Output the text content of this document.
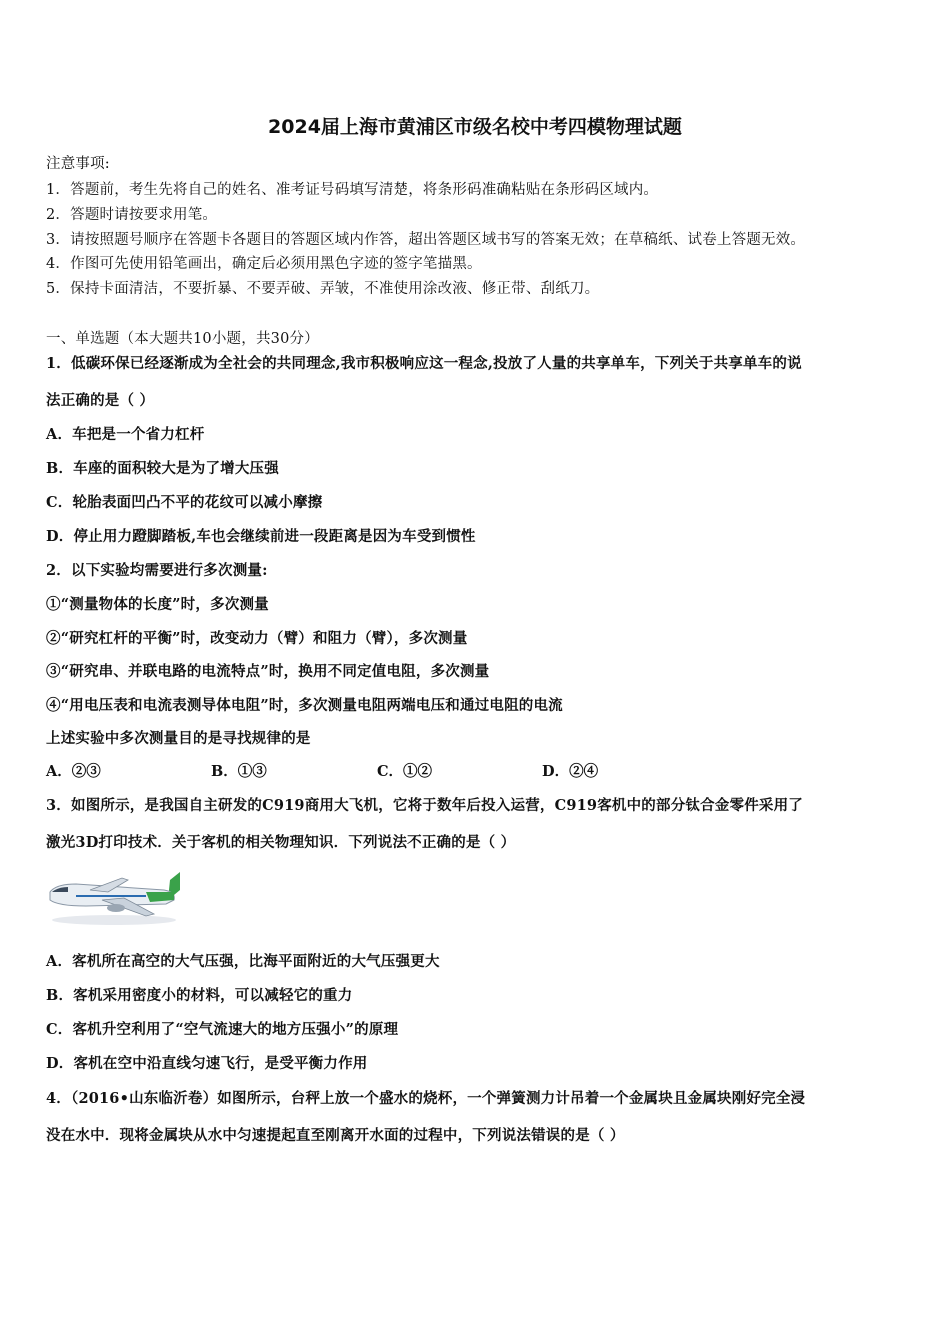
2024届上海市黄浦区市级名校中考四模物理试题
注意事项:
1．答题前，考生先将自己的姓名、准考证号码填写清楚，将条形码准确粘贴在条形码区域内。
2．答题时请按要求用笔。
3．请按照题号顺序在答题卡各题目的答题区域内作答，超出答题区域书写的答案无效；在草稿纸、试卷上答题无效。
4．作图可先使用铅笔画出，确定后必须用黑色字迹的签字笔描黑。
5．保持卡面清洁，不要折暴、不要弄破、弄皱，不准使用涂改液、修正带、刮纸刀。
一、单选题（本大题共10小题，共30分）
1．低碳环保已经逐渐成为全社会的共同理念,我市积极响应这一程念,投放了人量的共享单车，下列关于共享单车的说
法正确的是（ ）
A．车把是一个省力杠杆
B．车座的面积较大是为了增大压强
C．轮胎表面凹凸不平的花纹可以减小摩擦
D．停止用力蹬脚踏板,车也会继续前进一段距离是因为车受到惯性
2．以下实验均需要进行多次测量:
①“测量物体的长度”时，多次测量
②“研究杠杆的平衡”时，改变动力（臂）和阻力（臂），多次测量
③“研究串、并联电路的电流特点”时，换用不同定值电阻，多次测量
④“用电压表和电流表测导体电阻”时，多次测量电阻两端电压和通过电阻的电流
上述实验中多次测量目的是寻找规律的是
A．②③	B．①③	C．①②	D．②④
3．如图所示，是我国自主研发的C919商用大飞机，它将于数年后投入运营，C919客机中的部分钛合金零件采用了
激光3D打印技术．关于客机的相关物理知识．下列说法不正确的是（ ）
A．客机所在高空的大气压强，比海平面附近的大气压强更大
B．客机采用密度小的材料，可以减轻它的重力
C．客机升空利用了“空气流速大的地方压强小”的原理
D．客机在空中沿直线匀速飞行，是受平衡力作用
4．（2016•山东临沂卷）如图所示，台秤上放一个盛水的烧杯，一个弹簧测力计吊着一个金属块且金属块刚好完全浸
没在水中．现将金属块从水中匀速提起直至刚离开水面的过程中，下列说法错误的是（ ）
